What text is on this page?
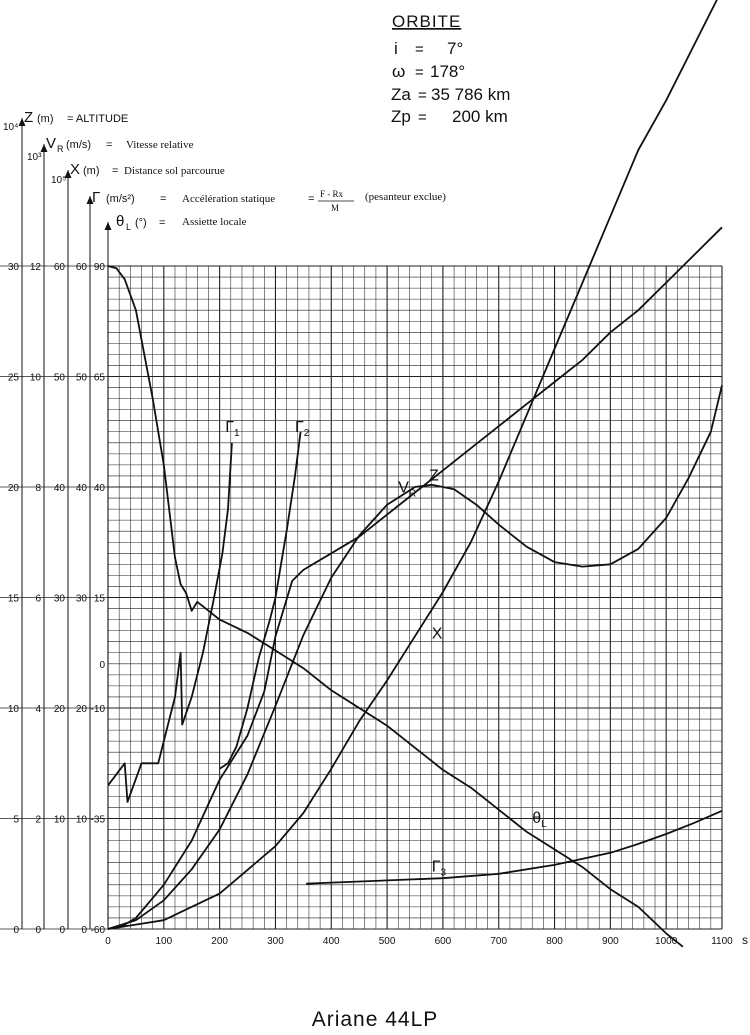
0
5
10
15
20
25
30
0
2
4
6
8
10
12
0
10
20
30
40
50
60
0
10
20
30
40
50
60
-60
-35
-10
0
15
40
65
90
0	100	200	300	400	500	600	700	800	900	1000	1100
Z
$V_R$
X
$\Gamma_1$	$\Gamma_2$
$\Gamma_3$
$\theta_L$
ORBITE
i = 7°
ω = 178°
Za = 35 786 km
Zp = 200 km
10⁴
Z (m) = ALTITUDE
10³
V R (m/s) = Vitesse relative
10⁵
X (m) = Distance sol parcourue
Γ (m/s²) = Accélération statique	= F - Rx
M
(pesanteur exclue)
θ L (°) = Assiette locale
s
Ariane 44LP
